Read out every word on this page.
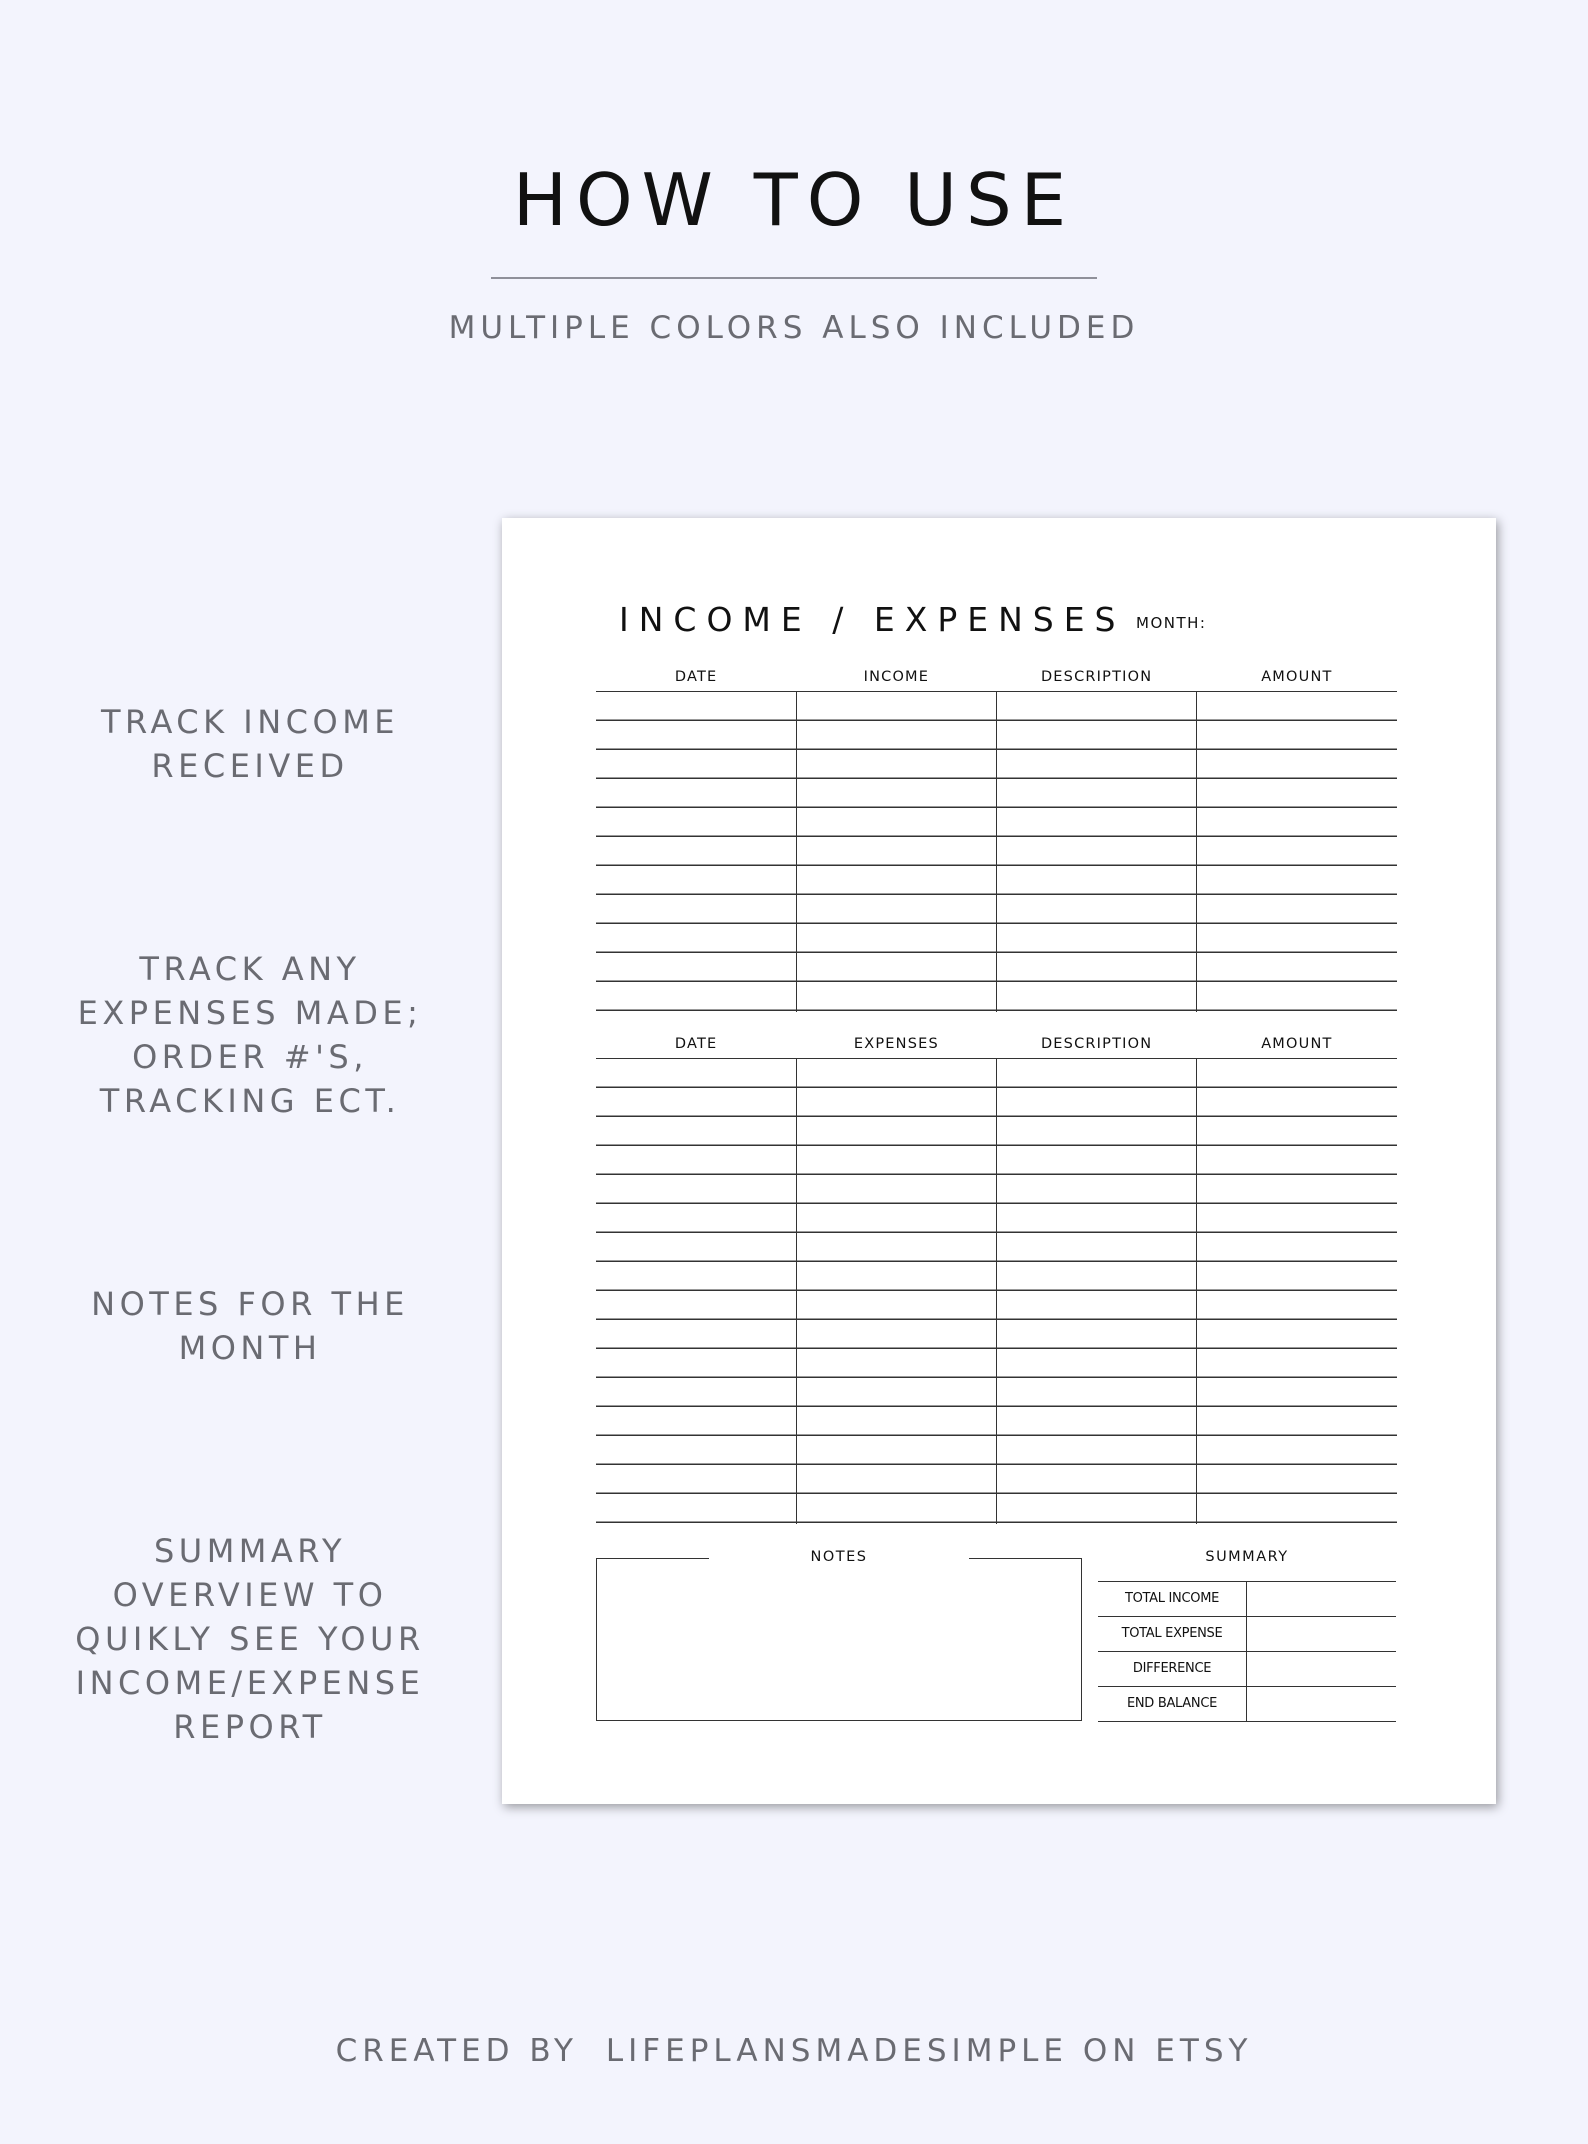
HOW TO USE
MULTIPLE COLORS ALSO INCLUDED
TRACK INCOME
RECEIVED
TRACK ANY
EXPENSES MADE;
ORDER #'S,
TRACKING ECT.
NOTES FOR THE
MONTH
SUMMARY
OVERVIEW TO
QUIKLY SEE YOUR
INCOME/EXPENSE
REPORT
INCOME / EXPENSES MONTH:
DATE	INCOME	DESCRIPTION	AMOUNT
DATE	EXPENSES	DESCRIPTION	AMOUNT
NOTES	SUMMARY
TOTAL INCOME
TOTAL EXPENSE
DIFFERENCE
END BALANCE
CREATED BY LIFEPLANSMADESIMPLE ON ETSY
